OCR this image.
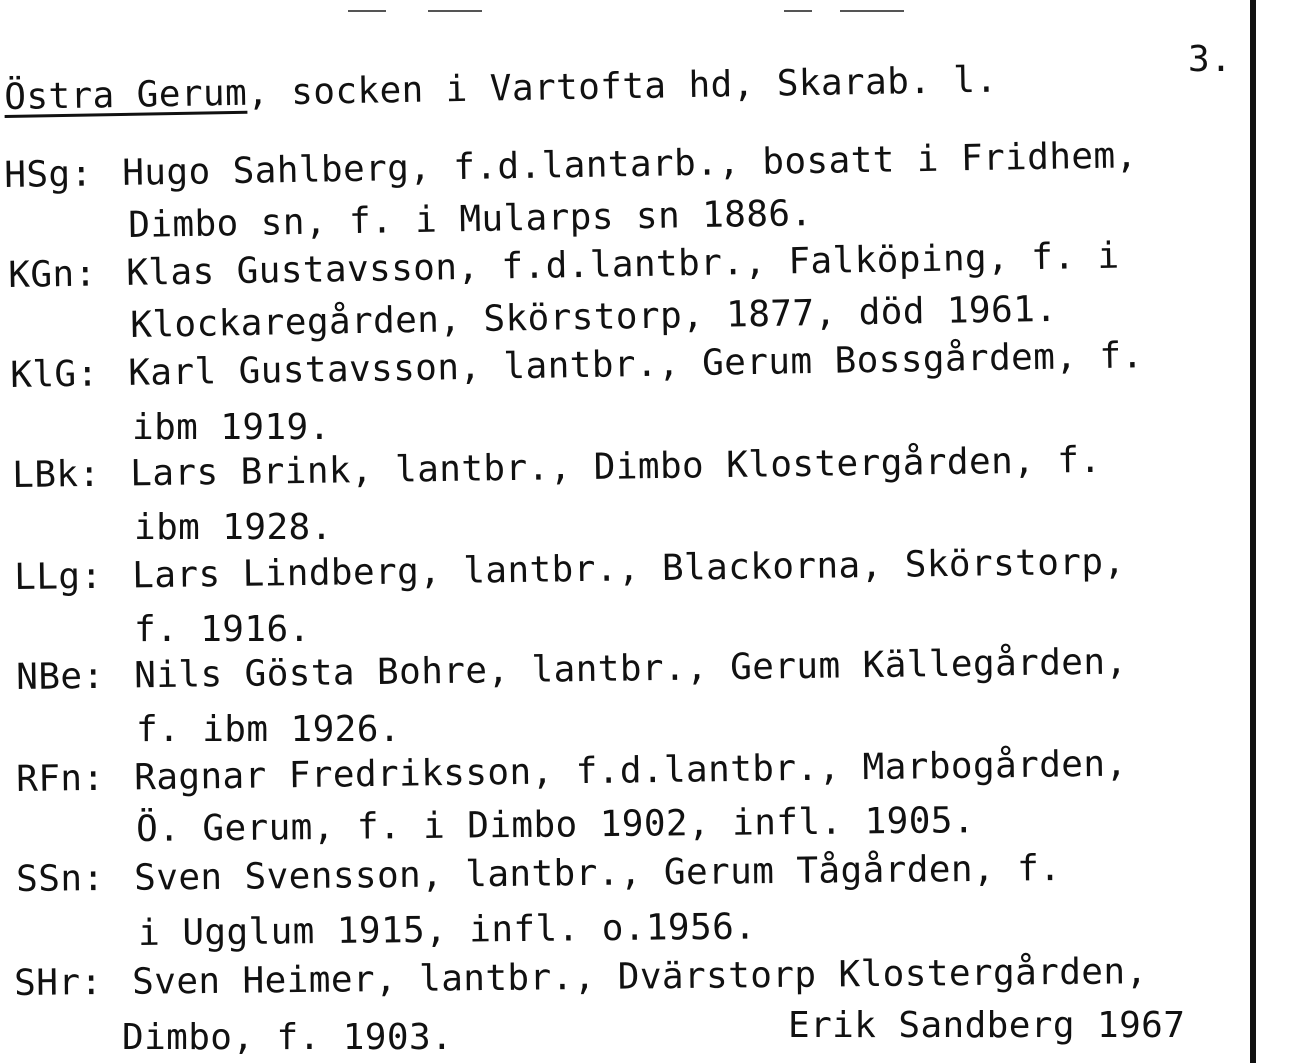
3.
Östra Gerum, socken i Vartofta hd, Skarab. l.
HSg: Hugo Sahlberg, f.d.lantarb., bosatt i Fridhem,
Dimbo sn, f. i Mularps sn 1886.
KGn: Klas Gustavsson, f.d.lantbr., Falköping, f. i
Klockaregården, Skörstorp, 1877, död 1961.
KlG: Karl Gustavsson, lantbr., Gerum Bossgårdem, f.
ibm 1919.
LBk: Lars Brink, lantbr., Dimbo Klostergården, f.
ibm 1928.
LLg: Lars Lindberg, lantbr., Blackorna, Skörstorp,
f. 1916.
NBe: Nils Gösta Bohre, lantbr., Gerum Källegården,
f. ibm 1926.
RFn: Ragnar Fredriksson, f.d.lantbr., Marbogården,
Ö. Gerum, f. i Dimbo 1902, infl. 1905.
SSn: Sven Svensson, lantbr., Gerum Tågården, f.
i Ugglum 1915, infl. o.1956.
SHr: Sven Heimer, lantbr., Dvärstorp Klostergården,
Dimbo, f. 1903.	Erik Sandberg 1967
